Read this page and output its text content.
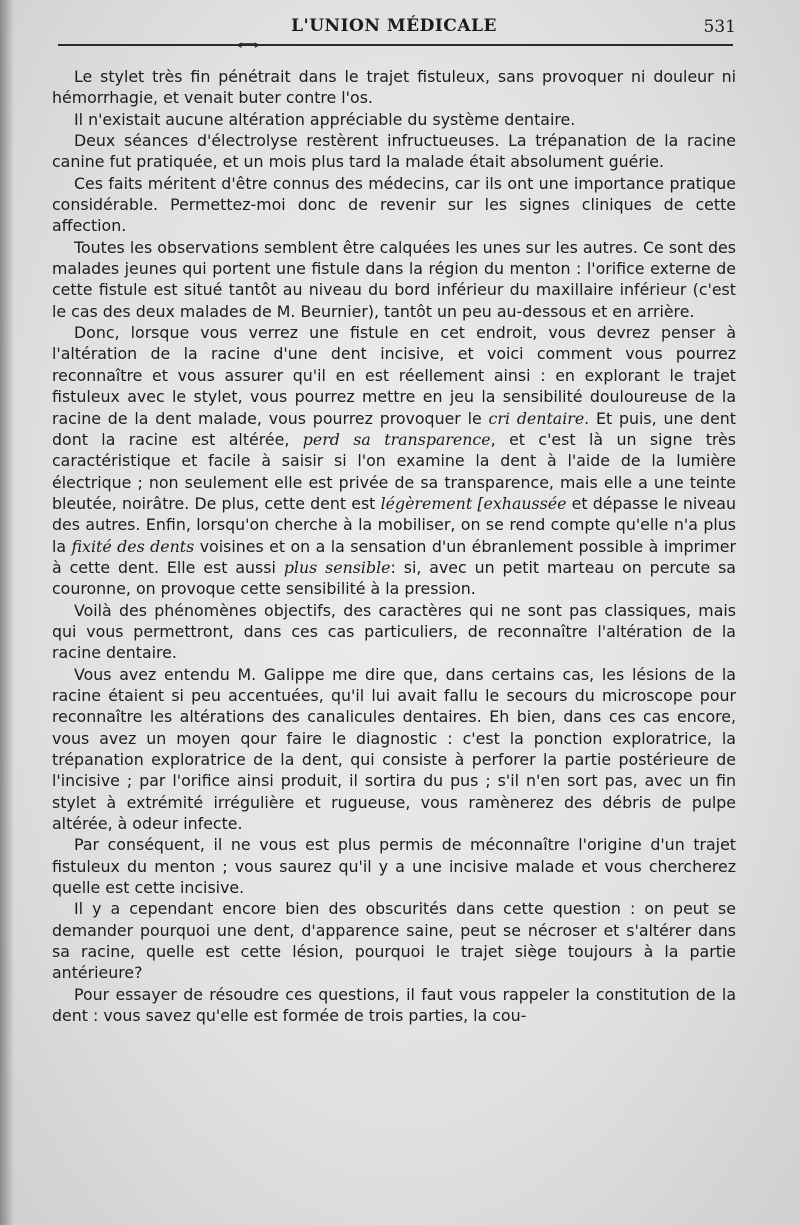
L'UNION MÉDICALE	531
◂━━▸

Le stylet très fin pénétrait dans le trajet fistuleux, sans provoquer ni douleur ni hémorrhagie, et venait buter contre l'os.

Il n'existait aucune altération appréciable du système dentaire.

Deux séances d'électrolyse restèrent infructueuses. La trépanation de la racine canine fut pratiquée, et un mois plus tard la malade était absolument guérie.

Ces faits méritent d'être connus des médecins, car ils ont une importance pratique considérable. Permettez-moi donc de revenir sur les signes cliniques de cette affection.

Toutes les observations semblent être calquées les unes sur les autres. Ce sont des malades jeunes qui portent une fistule dans la région du menton : l'orifice externe de cette fistule est situé tantôt au niveau du bord inférieur du maxillaire inférieur (c'est le cas des deux malades de M. Beurnier), tantôt un peu au-dessous et en arrière.

Donc, lorsque vous verrez une fistule en cet endroit, vous devrez penser à l'altération de la racine d'une dent incisive, et voici comment vous pourrez reconnaître et vous assurer qu'il en est réellement ainsi : en explorant le trajet fistuleux avec le stylet, vous pourrez mettre en jeu la sensibilité douloureuse de la racine de la dent malade, vous pourrez provoquer le cri dentaire. Et puis, une dent dont la racine est altérée, perd sa transparence, et c'est là un signe très caractéristique et facile à saisir si l'on examine la dent à l'aide de la lumière électrique ; non seulement elle est privée de sa transparence, mais elle a une teinte bleutée, noirâtre. De plus, cette dent est légèrement [exhaussée et dépasse le niveau des autres. Enfin, lorsqu'on cherche à la mobiliser, on se rend compte qu'elle n'a plus la fixité des dents voisines et on a la sensation d'un ébranlement possible à imprimer à cette dent. Elle est aussi plus sensible: si, avec un petit marteau on percute sa couronne, on provoque cette sensibilité à la pression.

Voilà des phénomènes objectifs, des caractères qui ne sont pas classiques, mais qui vous permettront, dans ces cas particuliers, de reconnaître l'altération de la racine dentaire.

Vous avez entendu M. Galippe me dire que, dans certains cas, les lésions de la racine étaient si peu accentuées, qu'il lui avait fallu le secours du microscope pour reconnaître les altérations des canalicules dentaires. Eh bien, dans ces cas encore, vous avez un moyen qour faire le diagnostic : c'est la ponction exploratrice, la trépanation exploratrice de la dent, qui consiste à perforer la partie postérieure de l'incisive ; par l'orifice ainsi produit, il sortira du pus ; s'il n'en sort pas, avec un fin stylet à extrémité irrégulière et rugueuse, vous ramènerez des débris de pulpe altérée, à odeur infecte.

Par conséquent, il ne vous est plus permis de méconnaître l'origine d'un trajet fistuleux du menton ; vous saurez qu'il y a une incisive malade et vous chercherez quelle est cette incisive.

Il y a cependant encore bien des obscurités dans cette question : on peut se demander pourquoi une dent, d'apparence saine, peut se nécroser et s'altérer dans sa racine, quelle est cette lésion, pourquoi le trajet siège toujours à la partie antérieure?

Pour essayer de résoudre ces questions, il faut vous rappeler la constitution de la dent : vous savez qu'elle est formée de trois parties, la cou-
